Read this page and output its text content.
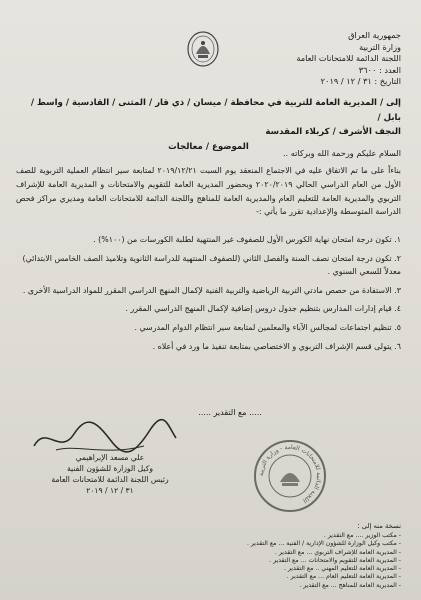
جمهورية العراق
وزارة التربية
اللجنة الدائمة للامتحانات العامة
العدد : ٣٦٠٠
التاريخ : ٣١ / ١٢ / ٢٠١٩
إلى / المديرية العامة للتربية في محافظة / ميسان / ذي قار / المثنى / القادسية / واسط / بابل /
النجف الأشرف / كربلاء المقدسة
الموضوع / معالجات
السلام عليكم ورحمة الله وبركاته ..
بناءاً على ما تم الاتفاق عليه في الاجتماع المنعقد يوم السبت ٢٠١٩/١٢/٢١ لمتابعة سير انتظام العملية التربوية للصف الأول من العام الدراسي الحالي ٢٠٢٠/٢٠١٩ وبحضور المديرية العامة للتقويم والامتحانات و المديرية العامة للإشراف التربوي والمديرية العامة للتعليم العام والمديرية العامة للمناهج واللجنة الدائمة للامتحانات العامة ومديري مراكز فحص الدراسة المتوسطة والإعدادية تقرر ما يأتي :-
١. تكون درجة امتحان نهاية الكورس الأول للصفوف غير المنتهية لطلبة الكورسات من (١٠٠%) .
٢. تكون درجة امتحان نصف السنة والفصل الثاني (للصفوف المنتهية للدراسة الثانوية وتلاميذ الصف الخامس الابتدائي) معدلاً للسعي السنوي .
٣. الاستفادة من حصص مادتي التربية الرياضية والتربية الفنية لإكمال المنهج الدراسي المقرر للمواد الدراسية الأخرى .
٤. قيام إدارات المدارس بتنظيم جدول دروس إضافية لإكمال المنهج الدراسي المقرر .
٥. تنظيم اجتماعات لمجالس الآباء والمعلمين لمتابعة سير انتظام الدوام المدرسي .
٦. يتولى قسم الإشراف التربوي و الاختصاصي بمتابعة تنفيذ ما ورد في أعلاه .
..... مع التقدير .....
علي مسعد الإبراهيمي
وكيل الوزارة للشؤون الفنية
رئيس اللجنة الدائمة للامتحانات العامة
٣١ / ١٢ / ٢٠١٩
اللجنة الدائمة للامتحانات العامة - وزارة التربية
نسخة منه إلى :
- مكتب الوزير .... مع التقدير .
- مكتب وكيل الوزارة للشؤون الإدارية / الفنية ... مع التقدير .
- المديرية العامة للإشراف التربوي ... مع التقدير .
- المديرية العامة للتقويم والامتحانات ... مع التقدير .
- المديرية العامة للتعليم المهني .. مع التقدير .
- المديرية العامة للتعليم العام ... مع التقدير .
- المديرية العامة للمناهج ... مع التقدير .
